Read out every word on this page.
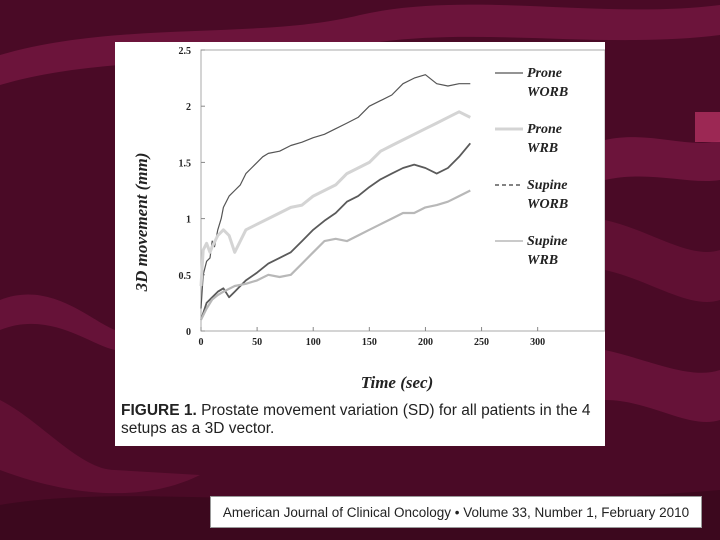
0	50	100	150	200	250	300
0
0.5
1
1.5
2
2.5
Prone
WORB
Prone
WRB
Supine
WORB
Supine
WRB
Time (sec)
3D movement (mm)
FIGURE 1. Prostate movement variation (SD) for all patients in the 4 setups as a 3D vector.
American Journal of Clinical Oncology • Volume 33, Number 1, February 2010
